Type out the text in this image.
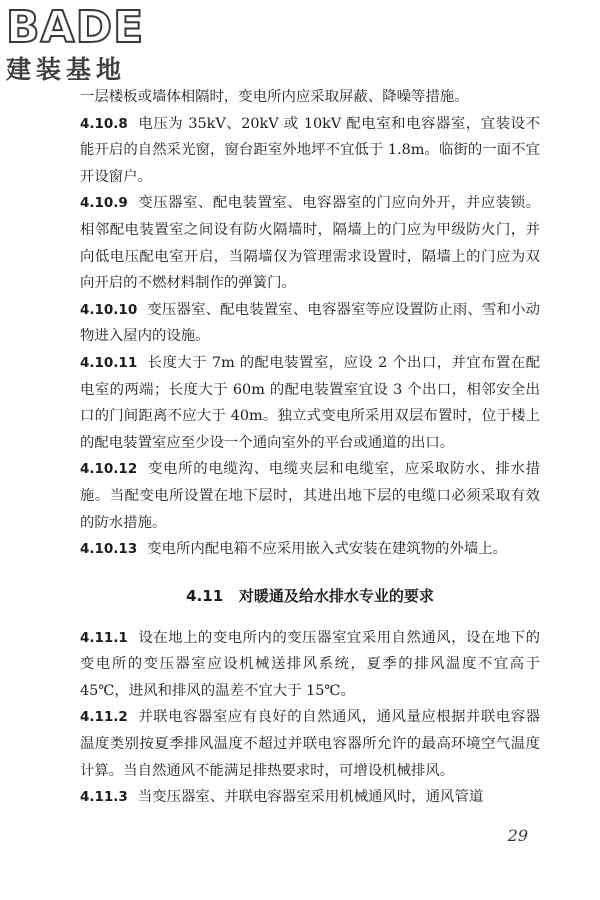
BADE
建装基地

一层楼板或墙体相隔时，变电所内应采取屏蔽、降噪等措施。

4.10.8 电压为 35kV、20kV 或 10kV 配电室和电容器室，宜装设不能开启的自然采光窗，窗台距室外地坪不宜低于 1.8m。临街的一面不宜开设窗户。

4.10.9 变压器室、配电装置室、电容器室的门应向外开，并应装锁。相邻配电装置室之间设有防火隔墙时，隔墙上的门应为甲级防火门，并向低电压配电室开启，当隔墙仅为管理需求设置时，隔墙上的门应为双向开启的不燃材料制作的弹簧门。

4.10.10 变压器室、配电装置室、电容器室等应设置防止雨、雪和小动物进入屋内的设施。

4.10.11 长度大于 7m 的配电装置室，应设 2 个出口，并宜布置在配电室的两端；长度大于 60m 的配电装置室宜设 3 个出口，相邻安全出口的门间距离不应大于 40m。独立式变电所采用双层布置时，位于楼上的配电装置室应至少设一个通向室外的平台或通道的出口。

4.10.12 变电所的电缆沟、电缆夹层和电缆室，应采取防水、排水措施。当配变电所设置在地下层时，其进出地下层的电缆口必须采取有效的防水措施。

4.10.13 变电所内配电箱不应采用嵌入式安装在建筑物的外墙上。

4.11 对暖通及给水排水专业的要求

4.11.1 设在地上的变电所内的变压器室宜采用自然通风，设在地下的变电所的变压器室应设机械送排风系统，夏季的排风温度不宜高于 45℃，进风和排风的温差不宜大于 15℃。

4.11.2 并联电容器室应有良好的自然通风，通风量应根据并联电容器温度类别按夏季排风温度不超过并联电容器所允许的最高环境空气温度计算。当自然通风不能满足排热要求时，可增设机械排风。

4.11.3 当变压器室、并联电容器室采用机械通风时，通风管道

29
